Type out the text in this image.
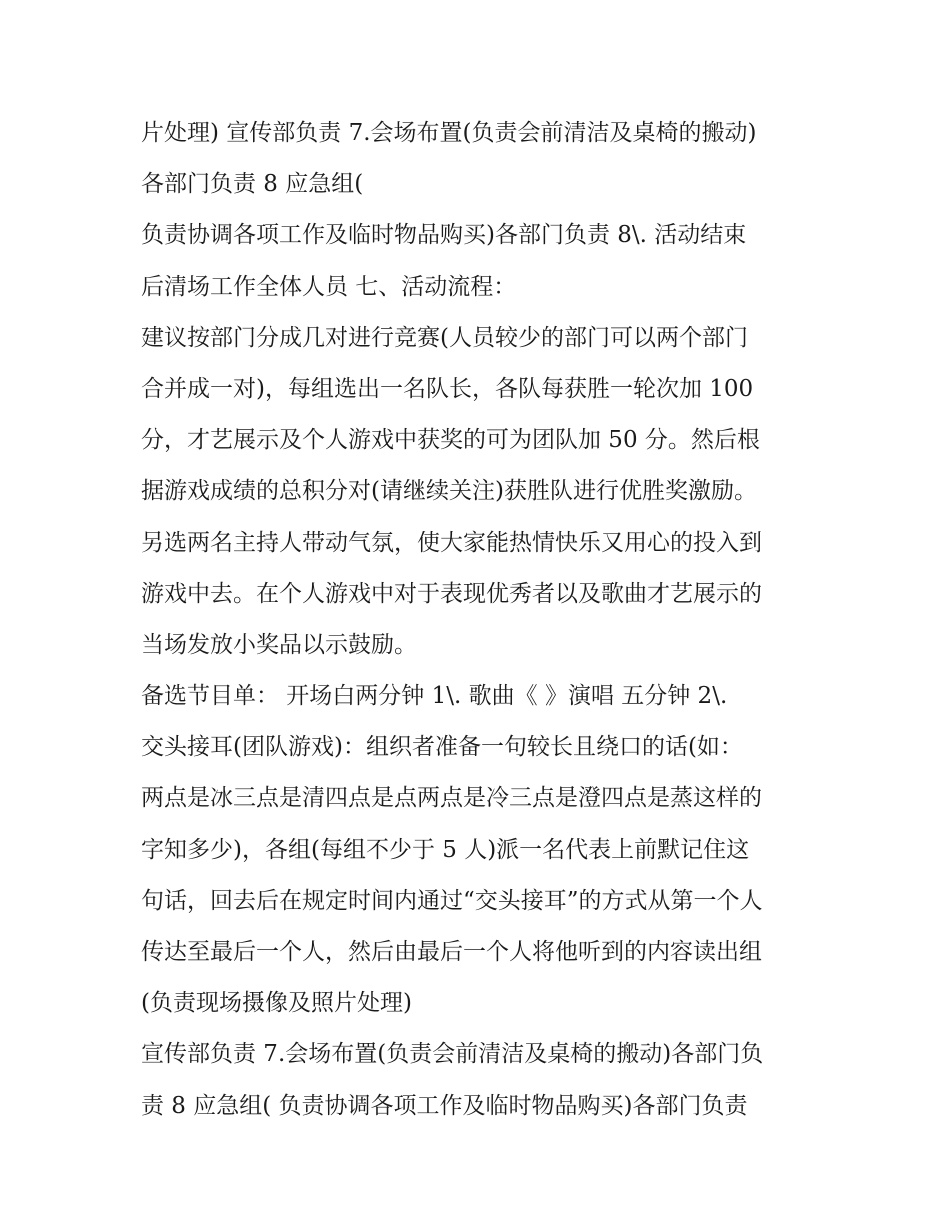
片处理) 宣传部负责 7.会场布置(负责会前清洁及桌椅的搬动)
各部门负责 8 应急组(
负责协调各项工作及临时物品购买)各部门负责 8\. 活动结束
后清场工作全体人员 七、活动流程：
建议按部门分成几对进行竞赛(人员较少的部门可以两个部门
合并成一对)，每组选出一名队长，各队每获胜一轮次加 100
分，才艺展示及个人游戏中获奖的可为团队加 50 分。然后根
据游戏成绩的总积分对(请继续关注)获胜队进行优胜奖激励。
另选两名主持人带动气氛，使大家能热情快乐又用心的投入到
游戏中去。在个人游戏中对于表现优秀者以及歌曲才艺展示的
当场发放小奖品以示鼓励。
备选节目单： 开场白两分钟 1\. 歌曲《 》演唱 五分钟 2\.
交头接耳(团队游戏)：组织者准备一句较长且绕口的话(如：
两点是冰三点是清四点是点两点是冷三点是澄四点是蒸这样的
字知多少)，各组(每组不少于 5 人)派一名代表上前默记住这
句话，回去后在规定时间内通过“交头接耳”的方式从第一个人
传达至最后一个人，然后由最后一个人将他听到的内容读出组
(负责现场摄像及照片处理)
宣传部负责 7.会场布置(负责会前清洁及桌椅的搬动)各部门负
责 8 应急组( 负责协调各项工作及临时物品购买)各部门负责
